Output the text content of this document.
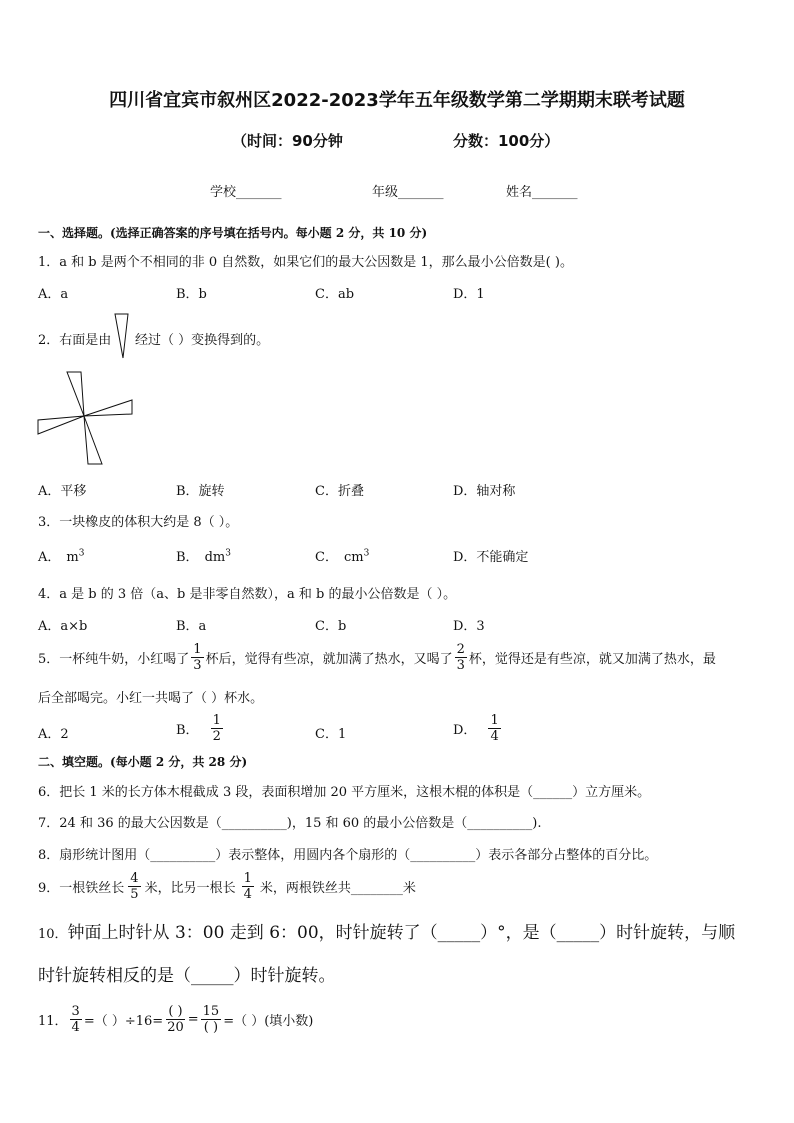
四川省宜宾市叙州区2022-2023学年五年级数学第二学期期末联考试题
（时间：90分钟	分数：100分）
学校_______	年级_______	姓名_______
一、选择题。(选择正确答案的序号填在括号内。每小题 2 分，共 10 分)
1．a 和 b 是两个不相同的非 0 自然数，如果它们的最大公因数是 1，那么最小公倍数是( )。
A．a	B．b	C．ab	D．1
2．右面是由 经过（ ）变换得到的。
A．平移	B．旋转	C．折叠	D．轴对称
3．一块橡皮的体积大约是 8（ ）。
A． $m^3$	B． $dm^3$	C． $cm^3$	D．不能确定
4．a 是 b 的 3 倍（a、b 是非零自然数），a 和 b 的最小公倍数是（ ）。
A．a×b	B．a	C．b	D．3
5．一杯纯牛奶，小红喝了 $\frac{1}{3}$ 杯后，觉得有些凉，就加满了热水，又喝了 $\frac{2}{3}$ 杯，觉得还是有些凉，就又加满了热水，最
后全部喝完。小红一共喝了（ ）杯水。
A．2	B． $\frac{1}{2}$	C．1	D． $\frac{1}{4}$
二、填空题。(每小题 2 分，共 28 分)
6．把长 1 米的长方体木棍截成 3 段，表面积增加 20 平方厘米，这根木棍的体积是（______）立方厘米。
7．24 和 36 的最大公因数是（__________)，15 和 60 的最小公倍数是（__________).
8．扇形统计图用（__________）表示整体，用圆内各个扇形的（__________）表示各部分占整体的百分比。
9．一根铁丝长 $\frac{4}{5}$ 米，比另一根长 $\frac{1}{4}$ 米，两根铁丝共________米
10．钟面上时针从 3：00 走到 6：00，时针旋转了（_____）°，是（_____）时针旋转，与顺
时针旋转相反的是（_____）时针旋转。
11． $\frac{3}{4}$ =（ ）$\div 16= \frac{( )}{20} = \frac{15}{( )}$ =（ ）(填小数)
